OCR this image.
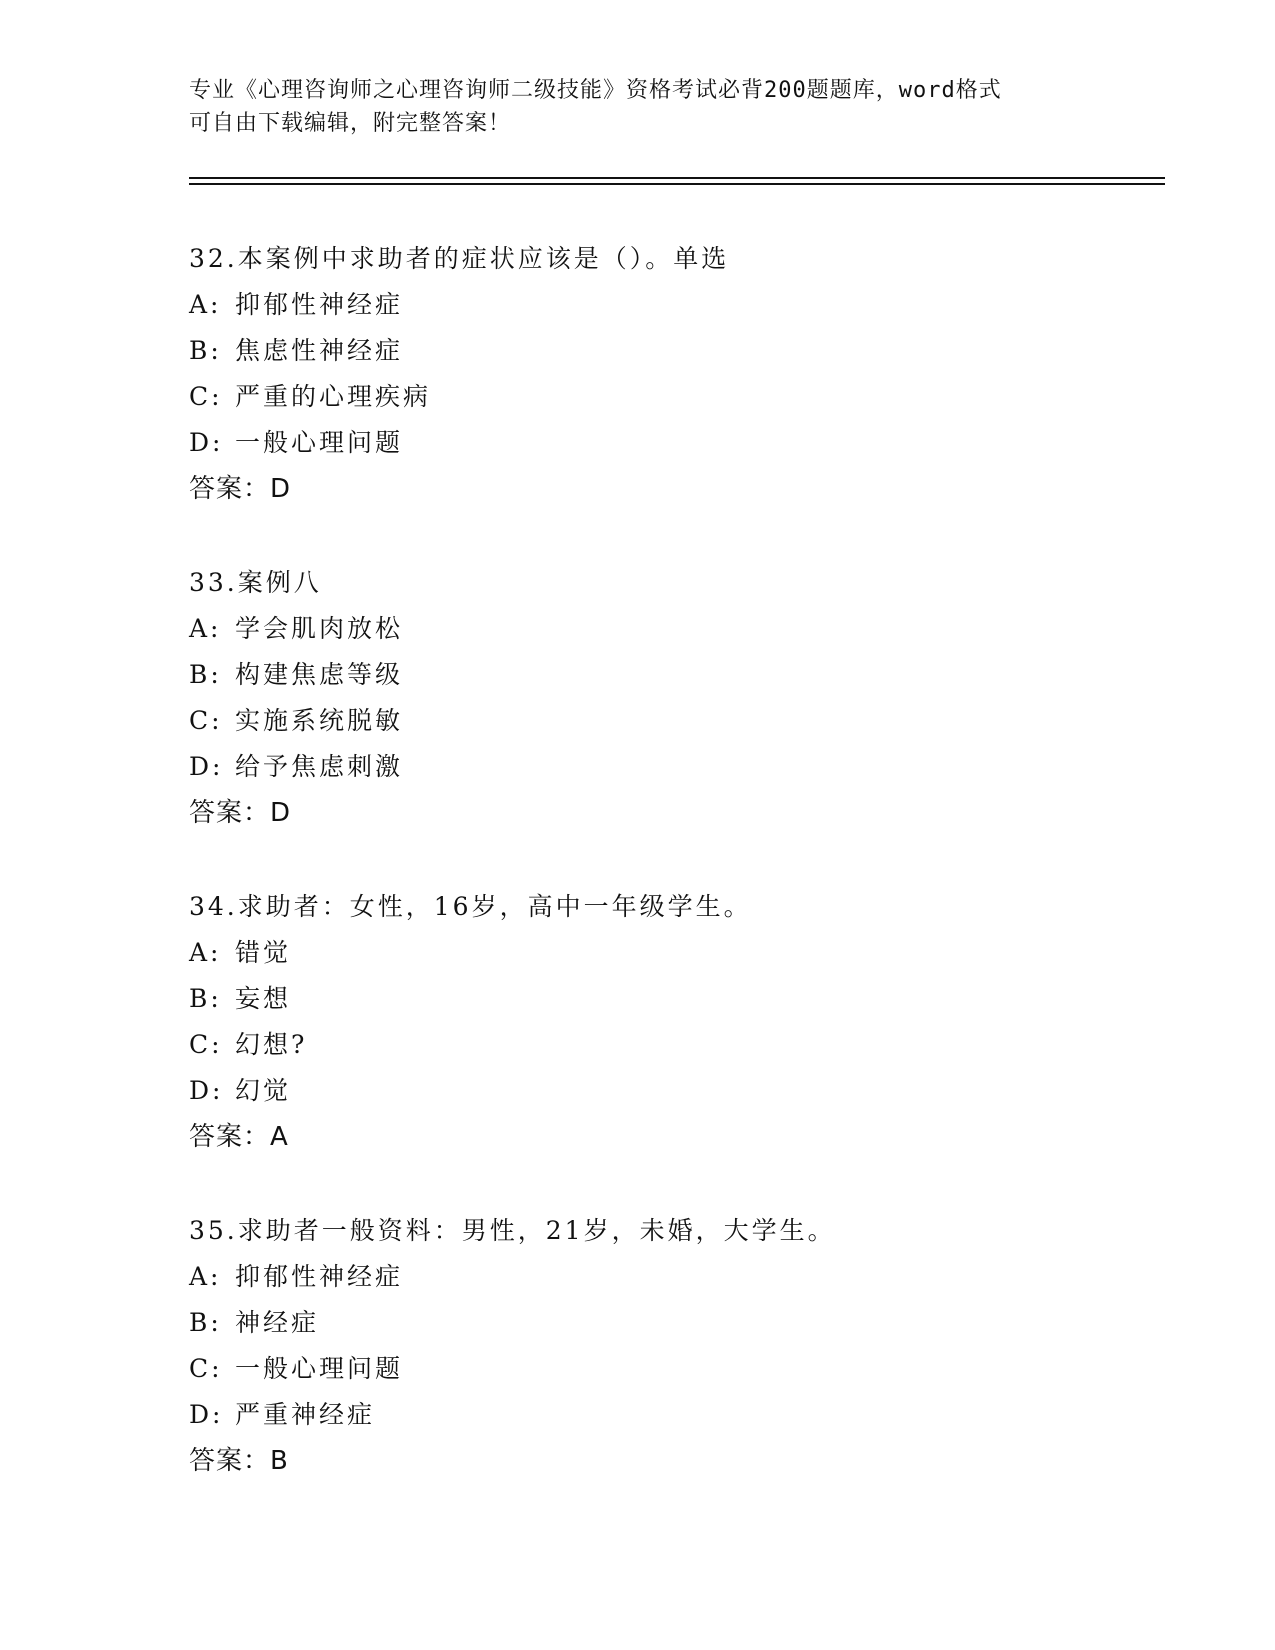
专业《心理咨询师之心理咨询师二级技能》资格考试必背200题题库，word格式
可自由下载编辑，附完整答案！
32.本案例中求助者的症状应该是（）。单选
A: 抑郁性神经症
B: 焦虑性神经症
C: 严重的心理疾病
D: 一般心理问题
答案：D
33.案例八
A: 学会肌肉放松
B: 构建焦虑等级
C: 实施系统脱敏
D: 给予焦虑刺激
答案：D
34.求助者：女性，16岁，高中一年级学生。
A: 错觉
B: 妄想
C: 幻想?
D: 幻觉
答案：A
35.求助者一般资料：男性，21岁，未婚，大学生。
A: 抑郁性神经症
B: 神经症
C: 一般心理问题
D: 严重神经症
答案：B
